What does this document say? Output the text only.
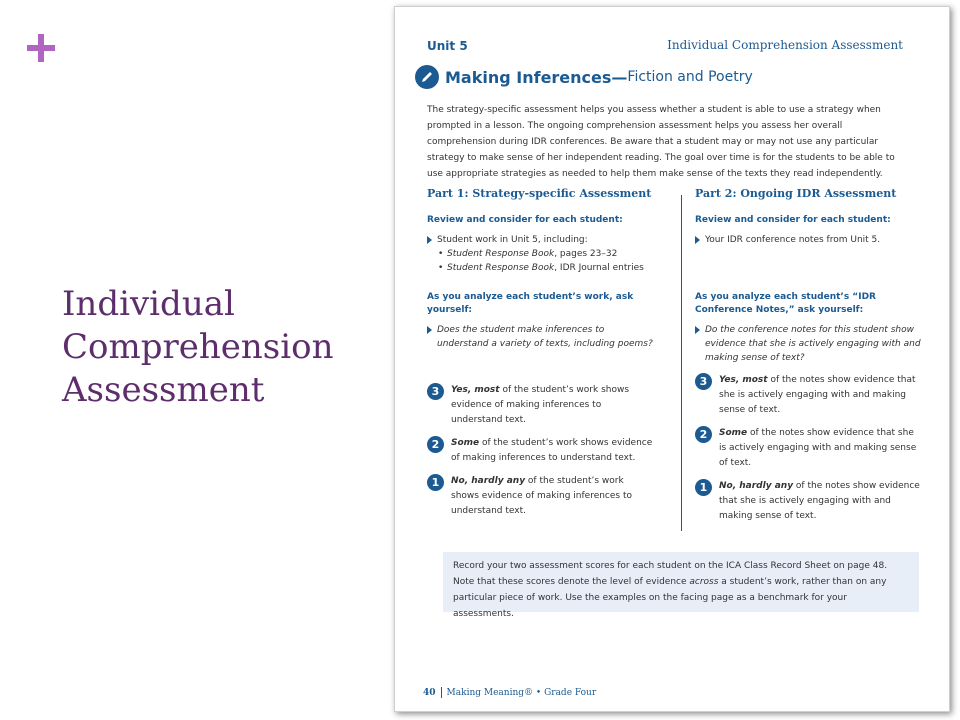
Individual Comprehension Assessment
Unit 5	Individual Comprehension Assessment
Making Inferences— Fiction and Poetry

The strategy-specific assessment helps you assess whether a student is able to use a strategy when prompted in a lesson. The ongoing comprehension assessment helps you assess her overall comprehension during IDR conferences. Be aware that a student may or may not use any particular strategy to make sense of her independent reading. The goal over time is for the students to be able to use appropriate strategies as needed to help them make sense of the texts they read independently.

Part 1: Strategy-specific Assessment

Review and consider for each student:

Student work in Unit 5, including:

• Student Response Book, pages 23–32

• Student Response Book, IDR Journal entries

As you analyze each student’s work, ask yourself:

Does the student make inferences to understand a variety of texts, including poems?

3	Yes, most of the student’s work shows evidence of making inferences to understand text.

2	Some of the student’s work shows evidence of making inferences to understand text.

1	No, hardly any of the student’s work shows evidence of making inferences to understand text.

Part 2: Ongoing IDR Assessment

Review and consider for each student:

Your IDR conference notes from Unit 5.

As you analyze each student’s “IDR Conference Notes,” ask yourself:

Do the conference notes for this student show evidence that she is actively engaging with and making sense of text?

3	Yes, most of the notes show evidence that she is actively engaging with and making sense of text.

2	Some of the notes show evidence that she is actively engaging with and making sense of text.

1	No, hardly any of the notes show evidence that she is actively engaging with and making sense of text.

Record your two assessment scores for each student on the ICA Class Record Sheet on page 48. Note that these scores denote the level of evidence across a student’s work, rather than on any particular piece of work. Use the examples on the facing page as a benchmark for your assessments.
40 Making Meaning® • Grade Four
